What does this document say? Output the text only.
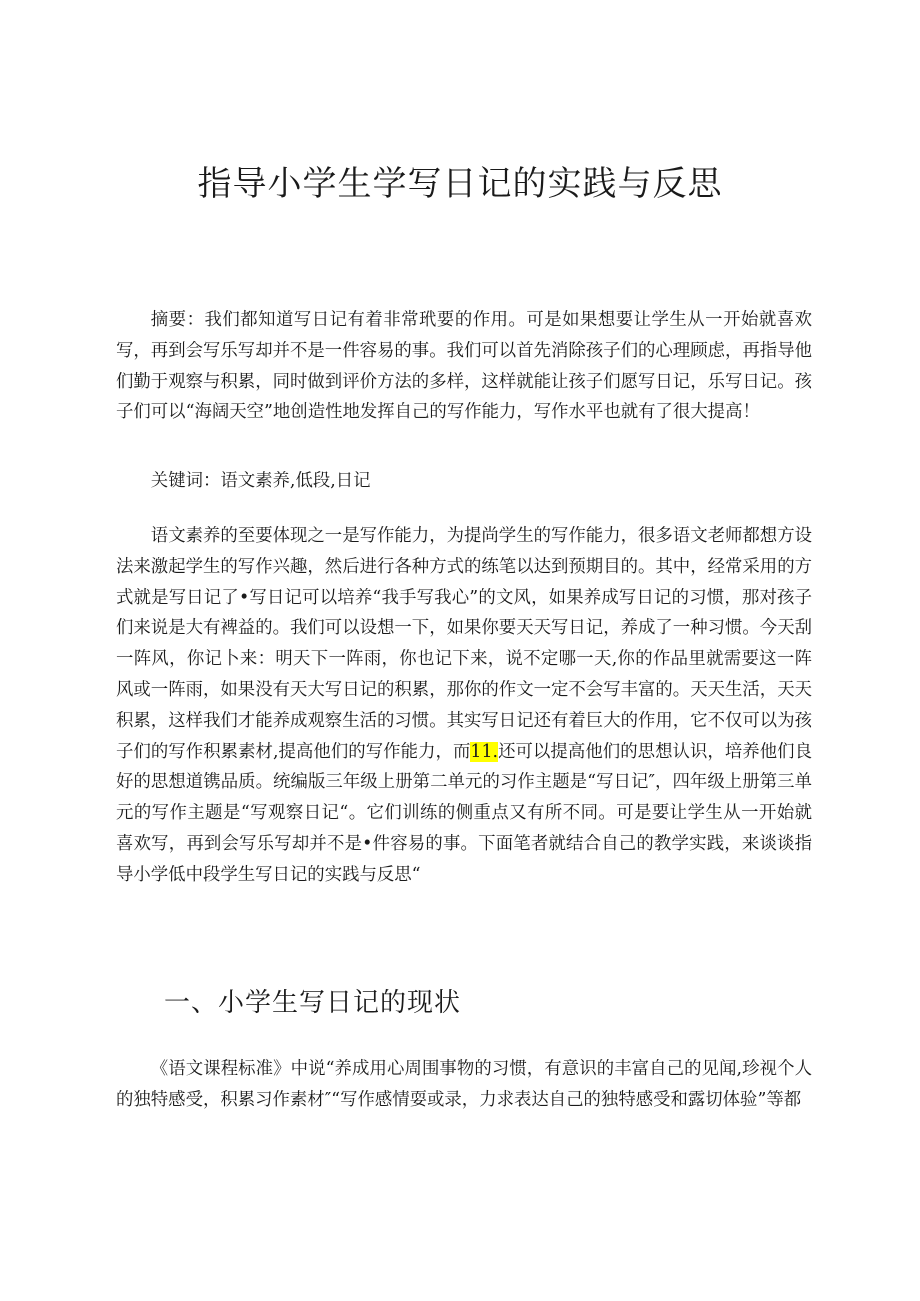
指导小学生学写日记的实践与反思

摘要：我们都知道写日记有着非常玳要的作用。可是如果想要让学生从一开始就喜欢写，再到会写乐写却并不是一件容易的事。我们可以首先消除孩子们的心理顾虑，再指导他们勤于观察与积累，同时做到评价方法的多样，这样就能让孩子们愿写日记，乐写日记。孩子们可以“海阔天空”地创造性地发挥自己的写作能力，写作水平也就有了很大提高！

关键词：语文素养,低段,日记

语文素养的至要体现之一是写作能力，为提尚学生的写作能力，很多语文老师都想方设法来激起学生的写作兴趣，然后进行各种方式的练笔以达到预期目的。其中，经常采用的方式就是写日记了•写日记可以培养“我手写我心”的文风，如果养成写日记的习惯，那对孩子们来说是大有裨益的。我们可以设想一下，如果你要天天写日记，养成了一种习惯。今天刮一阵风，你记卜来：明天下一阵雨，你也记下来，说不定哪一天,你的作品里就需要这一阵风或一阵雨，如果没有天大写日记的积累，那你的作文一定不会写丰富的。天天生活，天天积累，这样我们才能养成观察生活的习惯。其实写日记还有着巨大的作用，它不仅可以为孩子们的写作积累素材,提高他们的写作能力，而11.还可以提高他们的思想认识，培养他们良好的思想道镌品质。统编版三年级上册第二单元的习作主题是“写日记″，四年级上册第三单元的写作主题是“写观察日记“。它们训练的侧重点又有所不同。可是要让学生从一开始就喜欢写，再到会写乐写却并不是•件容易的事。下面笔者就结合自己的教学实践，来谈谈指导小学低中段学生写日记的实践与反思“

一、小学生写日记的现状

《语文课程标准》中说“养成用心周围事物的习惯，有意识的丰富自己的见闻,珍视个人的独特感受，积累习作素材″“写作感情耍或录，力求表达自己的独特感受和露切体验”等都
